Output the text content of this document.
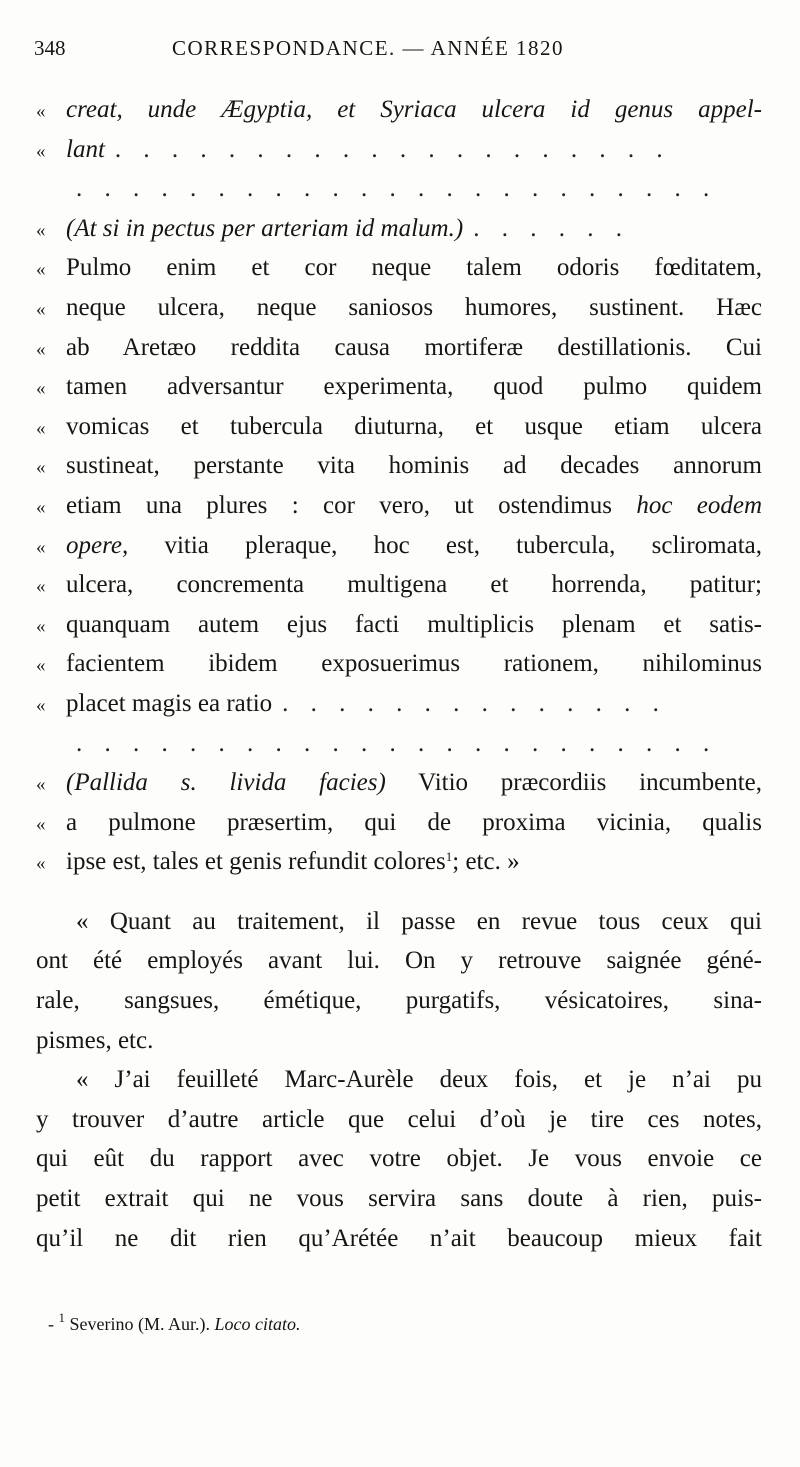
348	CORRESPONDANCE. — ANNÉE 1820
« creat, unde Ægyptia, et Syriaca ulcera id genus appel-
« lant . . . . . . . . . . . . . . . . . . . .
. . . . . . . . . . . . . . . . . . . . . . .
« (At si in pectus per arteriam id malum.) . . . . . .
« Pulmo enim et cor neque talem odoris fœditatem,
« neque ulcera, neque saniosos humores, sustinent. Hæc
« ab Aretæo reddita causa mortiferæ destillationis. Cui
« tamen adversantur experimenta, quod pulmo quidem
« vomicas et tubercula diuturna, et usque etiam ulcera
« sustineat, perstante vita hominis ad decades annorum
« etiam una plures : cor vero, ut ostendimus hoc eodem
« opere, vitia pleraque, hoc est, tubercula, scliromata,
« ulcera, concrementa multigena et horrenda, patitur;
« quanquam autem ejus facti multiplicis plenam et satis-
« facientem ibidem exposuerimus rationem, nihilominus
« placet magis ea ratio . . . . . . . . . . . . . .
. . . . . . . . . . . . . . . . . . . . . . .
« (Pallida s. livida facies) Vitio præcordiis incumbente,
« a pulmone præsertim, qui de proxima vicinia, qualis
« ipse est, tales et genis refundit colores$^1$; etc. »
« Quant au traitement, il passe en revue tous ceux qui
ont été employés avant lui. On y retrouve saignée géné-
rale, sangsues, émétique, purgatifs, vésicatoires, sina-
pismes, etc.
« J’ai feuilleté Marc-Aurèle deux fois, et je n’ai pu
y trouver d’autre article que celui d’où je tire ces notes,
qui eût du rapport avec votre objet. Je vous envoie ce
petit extrait qui ne vous servira sans doute à rien, puis-
qu’il ne dit rien qu’Arétée n’ait beaucoup mieux fait
- $^1$ Severino (M. Aur.). Loco citato.
